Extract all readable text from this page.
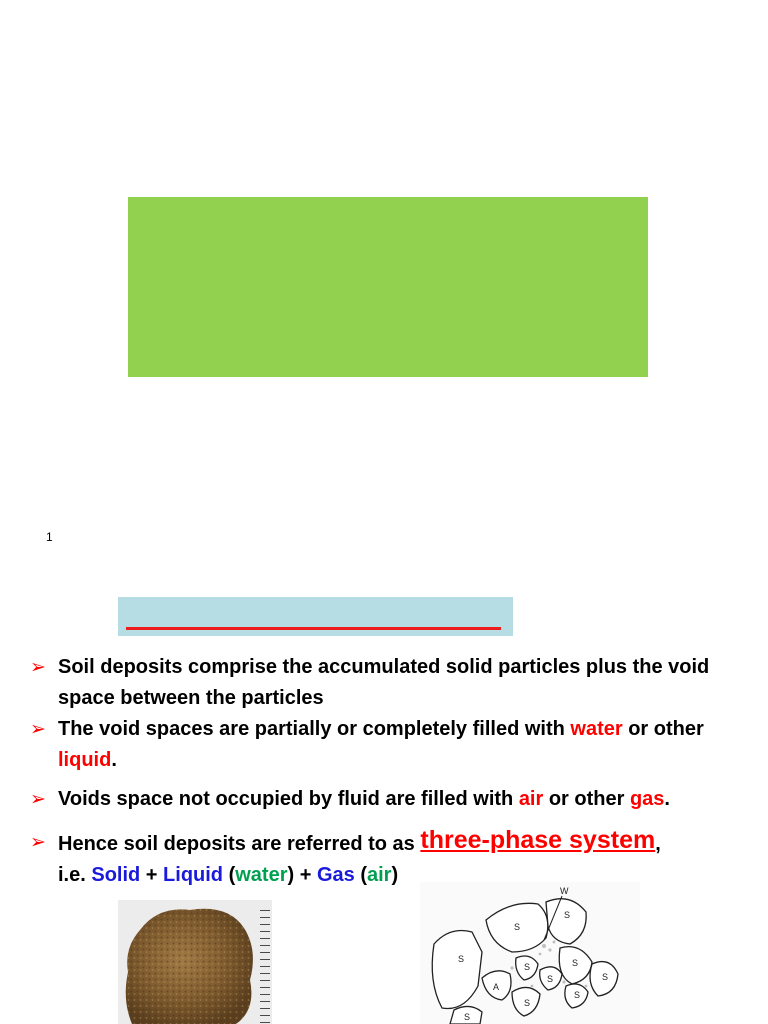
1
➢ Soil deposits comprise the accumulated solid particles plus the void space between the particles
➢ The void spaces are partially or completely filled with water or other liquid.
➢ Voids space not occupied by fluid are filled with air or other gas.
➢ Hence soil deposits are referred to as three-phase system,
i.e. Solid + Liquid (water) + Gas (air)
W
S
S
S	S
S
A
S
S
S
S
S
